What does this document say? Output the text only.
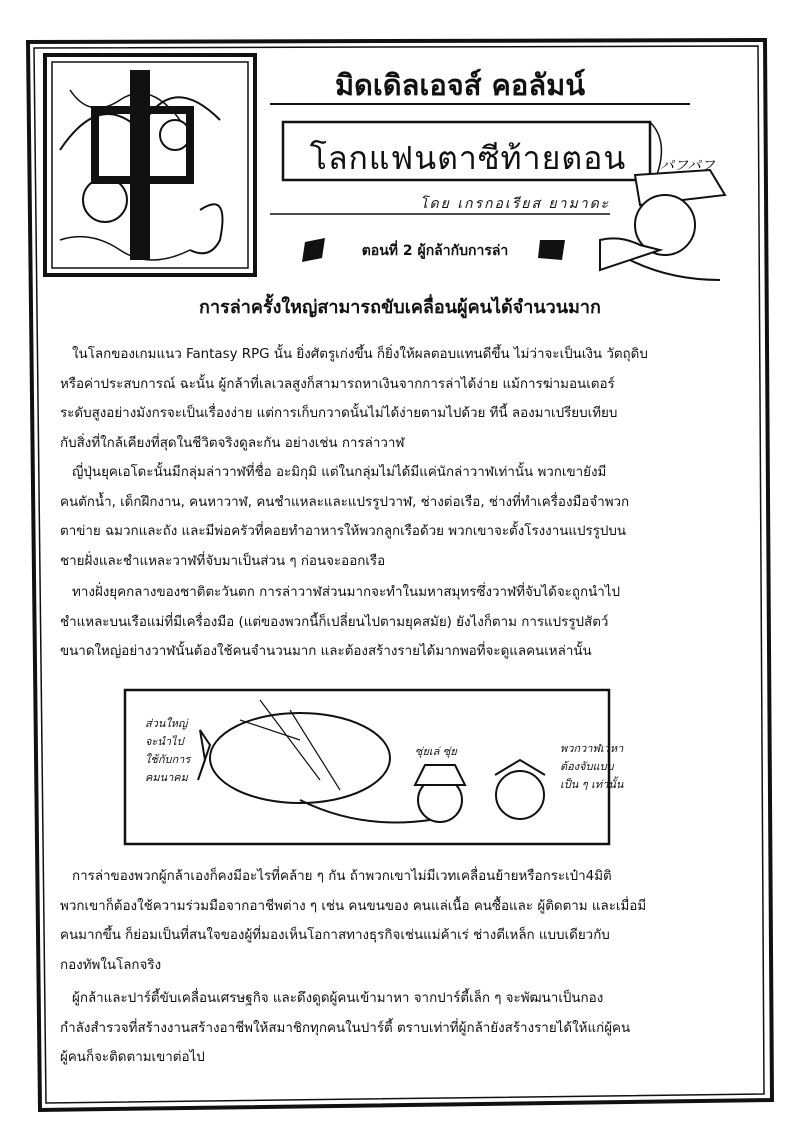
パフパフ
มิดเดิลเอจส์ คอลัมน์
โลกแฟนตาซีท้ายตอน
โดย เกรกอเรียส ยามาดะ
ตอนที่ 2 ผู้กล้ากับการล่า
การล่าครั้งใหญ่สามารถขับเคลื่อนผู้คนได้จำนวนมาก
ในโลกของเกมแนว Fantasy RPG นั้น ยิ่งศัตรูเก่งขึ้น ก็ยิ่งให้ผลตอบแทนดีขึ้น ไม่ว่าจะเป็นเงิน วัตถุดิบ
หรือค่าประสบการณ์ ฉะนั้น ผู้กล้าที่เลเวลสูงก็สามารถหาเงินจากการล่าได้ง่าย แม้การฆ่ามอนเตอร์
ระดับสูงอย่างมังกรจะเป็นเรื่องง่าย แต่การเก็บกวาดนั้นไม่ได้ง่ายตามไปด้วย ทีนี้ ลองมาเปรียบเทียบ
กับสิ่งที่ใกล้เคียงที่สุดในชีวิตจริงดูละกัน อย่างเช่น การล่าวาฬ
ญี่ปุ่นยุคเอโดะนั้นมีกลุ่มล่าวาฬที่ชื่อ อะมิกุมิ แต่ในกลุ่มไม่ได้มีแค่นักล่าวาฬเท่านั้น พวกเขายังมี
คนตักน้ำ, เด็กฝึกงาน, คนหาวาฬ, คนชำแหละและแปรรูปวาฬ, ช่างต่อเรือ, ช่างที่ทำเครื่องมือจำพวก
ตาข่าย ฉมวกและถัง และมีพ่อครัวที่คอยทำอาหารให้พวกลูกเรือด้วย พวกเขาจะตั้งโรงงานแปรรูปบน
ชายฝั่งและชำแหละวาฬที่จับมาเป็นส่วน ๆ ก่อนจะออกเรือ
ทางฝั่งยุคกลางของชาติตะวันตก การล่าวาฬส่วนมากจะทำในมหาสมุทรซึ่งวาฬที่จับได้จะถูกนำไป
ชำแหละบนเรือแม่ที่มีเครื่องมือ (แต่ของพวกนี้ก็เปลี่ยนไปตามยุคสมัย) ยังไงก็ตาม การแปรรูปสัตว์
ขนาดใหญ่อย่างวาฬนั้นต้องใช้คนจำนวนมาก และต้องสร้างรายได้มากพอที่จะดูแลคนเหล่านั้น
ส่วนใหญ่
จะนำไป
ใช้กับการ
คมนาคม
ซุ่ยเล่ ซุ่ย	พวกวาฬเวหา
ต้องจับแบบ
เป็น ๆ เท่านั้น
การล่าของพวกผู้กล้าเองก็คงมีอะไรที่คล้าย ๆ กัน ถ้าพวกเขาไม่มีเวทเคลื่อนย้ายหรือกระเป๋า4มิติ
พวกเขาก็ต้องใช้ความร่วมมือจากอาชีพต่าง ๆ เช่น คนขนของ คนแล่เนื้อ คนซื้อและ ผู้ติดตาม และเมื่อมี
คนมากขึ้น ก็ย่อมเป็นที่สนใจของผู้ที่มองเห็นโอกาสทางธุรกิจเช่นแม่ค้าเร่ ช่างตีเหล็ก แบบเดียวกับ
กองทัพในโลกจริง
ผู้กล้าและปาร์ตี้ขับเคลื่อนเศรษฐกิจ และดึงดูดผู้คนเข้ามาหา จากปาร์ตี้เล็ก ๆ จะพัฒนาเป็นกอง
กำลังสำรวจที่สร้างงานสร้างอาชีพให้สมาชิกทุกคนในปาร์ตี้ ตราบเท่าที่ผู้กล้ายังสร้างรายได้ให้แก่ผู้คน
ผู้คนก็จะติดตามเขาต่อไป
